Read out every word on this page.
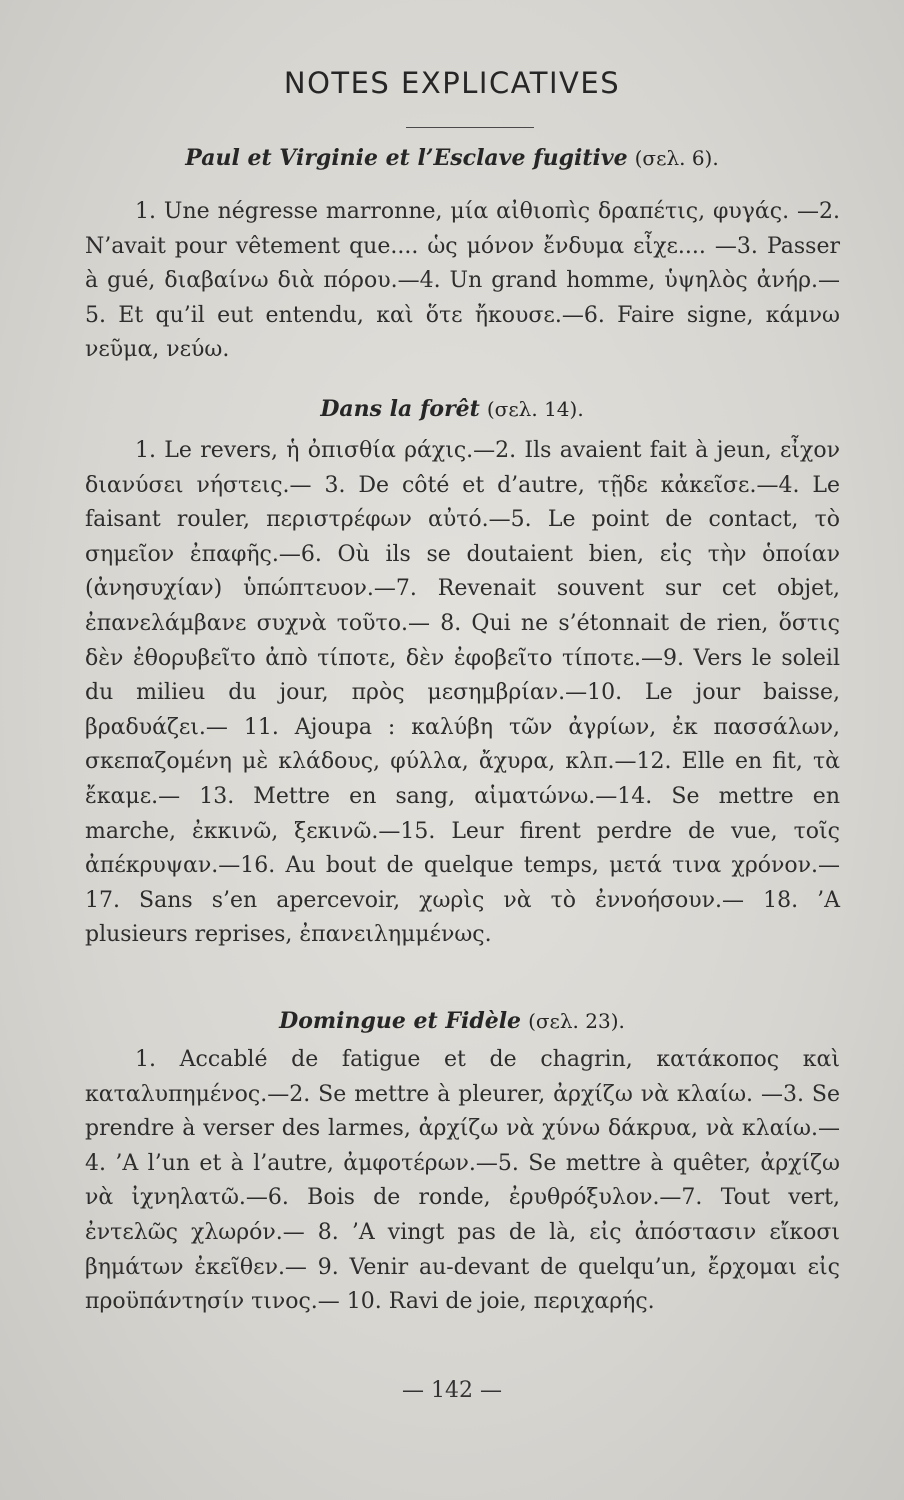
NOTES EXPLICATIVES
Paul et Virginie et l’Esclave fugitive (σελ. 6).
1. Une négresse marronne, μία αἰθιοπὶς δραπέτις, φυγάς. —2. N’avait pour vêtement que.... ὡς μόνον ἔνδυμα εἶχε.... —3. Passer à gué, διαβαίνω διὰ πόρου.—4. Un grand homme, ὑψηλὸς ἀνήρ.—5. Et qu’il eut entendu, καὶ ὅτε ἤκουσε.—6. Faire signe, κάμνω νεῦμα, νεύω.
Dans la forêt (σελ. 14).
1. Le revers, ἡ ὀπισθία ράχις.—2. Ils avaient fait à jeun, εἶχον διανύσει νήστεις.— 3. De côté et d’autre, τῇδε κἀκεῖσε.—4. Le faisant rouler, περιστρέφων αὐτό.—5. Le point de contact, τὸ σημεῖον ἐπαφῆς.—6. Où ils se doutaient bien, εἰς τὴν ὁποίαν (ἀνησυχίαν) ὑπώπτευον.—7. Revenait souvent sur cet objet, ἐπανελάμβανε συχνὰ τοῦτο.— 8. Qui ne s’étonnait de rien, ὅστις δὲν ἐθορυβεῖτο ἀπὸ τίποτε, δὲν ἐφοβεῖτο τίποτε.—9. Vers le soleil du milieu du jour, πρὸς μεσημβρίαν.—10. Le jour baisse, βραδυάζει.— 11. Ajoupa : καλύβη τῶν ἀγρίων, ἐκ πασσάλων, σκεπαζομένη μὲ κλάδους, φύλλα, ἄχυρα, κλπ.—12. Elle en fit, τὰ ἔκαμε.— 13. Mettre en sang, αἱματώνω.—14. Se mettre en marche, ἐκκινῶ, ξεκινῶ.—15. Leur firent perdre de vue, τοῖς ἀπέκρυψαν.—16. Au bout de quelque temps, μετά τινα χρόνον.—17. Sans s’en apercevoir, χωρὶς νὰ τὸ ἐννοήσουν.— 18. ’A plusieurs reprises, ἐπανειλημμένως.
Domingue et Fidèle (σελ. 23).
1. Accablé de fatigue et de chagrin, κατάκοπος καὶ καταλυπημένος.—2. Se mettre à pleurer, ἀρχίζω νὰ κλαίω. —3. Se prendre à verser des larmes, ἀρχίζω νὰ χύνω δάκρυα, νὰ κλαίω.—4. ’A l’un et à l’autre, ἀμφοτέρων.—5. Se mettre à quêter, ἀρχίζω νὰ ἰχνηλατῶ.—6. Bois de ronde, ἐρυθρόξυλον.—7. Tout vert, ἐντελῶς χλωρόν.— 8. ’A vingt pas de là, εἰς ἀπόστασιν εἴκοσι βημάτων ἐκεῖθεν.— 9. Venir au-devant de quelqu’un, ἔρχομαι εἰς προϋπάντησίν τινος.— 10. Ravi de joie, περιχαρής.
— 142 —
